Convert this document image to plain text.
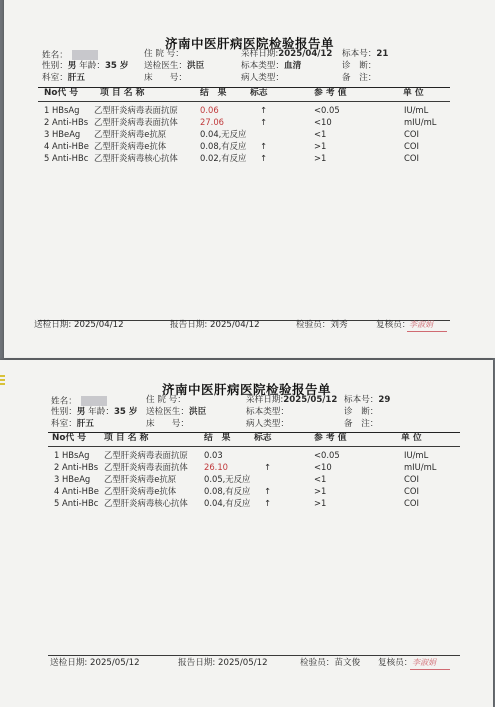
济南中医肝病医院检验报告单
姓名：	住 院 号：	采样日期:2025/04/12 标本号：21
性别：男 年龄：35 岁 送检医生：洪臣	标本类型：血清	诊　断：
科室：肝五	床　　号：	病人类型：	备　注：
No代 号 项 目 名 称	结　果	标志	参 考 值	单 位
1 HBsAg 乙型肝炎病毒表面抗原	0.06	↑	<0.05	IU/mL
2 Anti-HBs 乙型肝炎病毒表面抗体	27.06	↑	<10	mIU/mL
3 HBeAg 乙型肝炎病毒e抗原	0.04,无反应	<1	COI
4 Anti-HBe 乙型肝炎病毒e抗体	0.08,有反应 ↑	>1	COI
5 Anti-HBc 乙型肝炎病毒核心抗体	0.02,有反应 ↑	>1	COI
送检日期: 2025/04/12	报告日期: 2025/04/12	检验员：刘秀	复核员：
李淑娟
济南中医肝病医院检验报告单
姓名：	住 院 号：	采样日期:2025/05/12 标本号：29
性别：男 年龄：35 岁 送检医生：洪臣	标本类型：	诊　断：
科室：肝五	床　　号：	病人类型：	备　注：
No代 号 项 目 名 称	结　果	标志	参 考 值	单 位
1 HBsAg 乙型肝炎病毒表面抗原 0.03	<0.05	IU/mL
2 Anti-HBs 乙型肝炎病毒表面抗体 26.10	↑	<10	mIU/mL
3 HBeAg 乙型肝炎病毒e抗原	0.05,无反应	<1	COI
4 Anti-HBe 乙型肝炎病毒e抗体	0.08,有反应 ↑	>1	COI
5 Anti-HBc 乙型肝炎病毒核心抗体 0.04,有反应 ↑	>1	COI
送检日期: 2025/05/12	报告日期: 2025/05/12	检验员：苗文俊 复核员： 李淑娟
